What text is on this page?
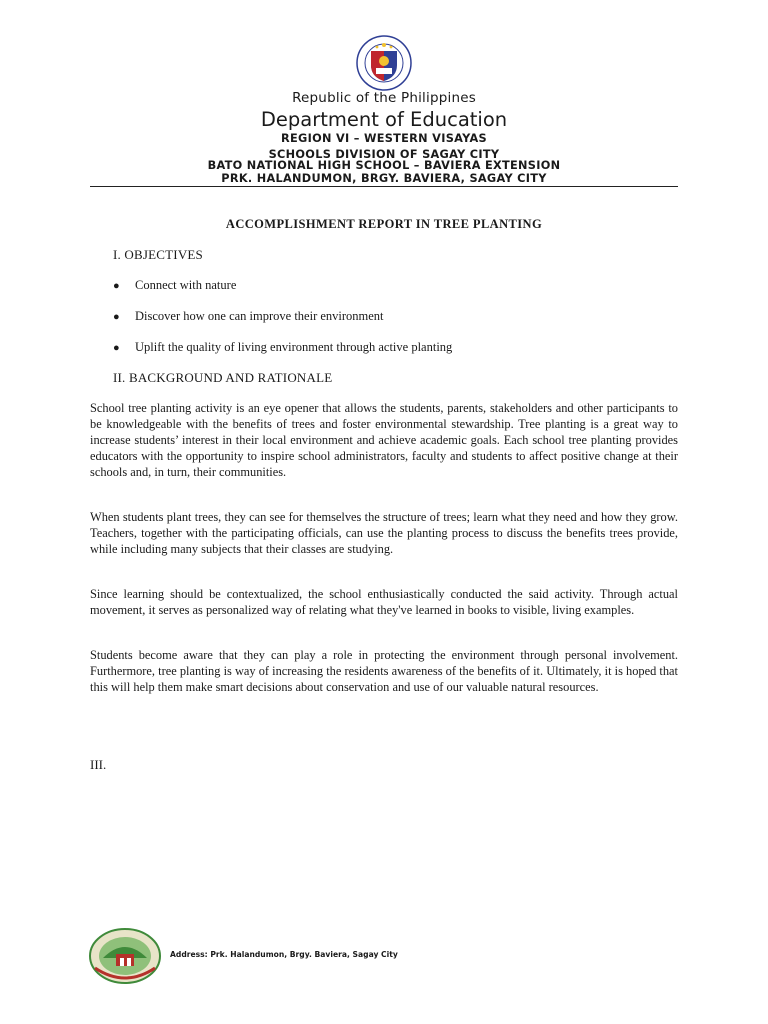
Republic of the Philippines
Department of Education
REGION VI – WESTERN VISAYAS
SCHOOLS DIVISION OF SAGAY CITY
BATO NATIONAL HIGH SCHOOL – BAVIERA EXTENSION
PRK. HALANDUMON, BRGY. BAVIERA, SAGAY CITY
ACCOMPLISHMENT REPORT IN TREE PLANTING
I. OBJECTIVES
●	Connect with nature
●	Discover how one can improve their environment
●	Uplift the quality of living environment through active planting
II. BACKGROUND AND RATIONALE

School tree planting activity is an eye opener that allows the students, parents, stakeholders and other participants to be knowledgeable with the benefits of trees and foster environmental stewardship. Tree planting is a great way to increase students’ interest in their local environment and achieve academic goals. Each school tree planting provides educators with the opportunity to inspire school administrators, faculty and students to affect positive change at their schools and, in turn, their communities.

When students plant trees, they can see for themselves the structure of trees; learn what they need and how they grow. Teachers, together with the participating officials, can use the planting process to discuss the benefits trees provide, while including many subjects that their classes are studying.

Since learning should be contextualized, the school enthusiastically conducted the said activity. Through actual movement, it serves as personalized way of relating what they've learned in books to visible, living examples.

Students become aware that they can play a role in protecting the environment through personal involvement. Furthermore, tree planting is way of increasing the residents awareness of the benefits of it. Ultimately, it is hoped that this will help them make smart decisions about conservation and use of our valuable natural resources.

III.
Address: Prk. Halandumon, Brgy. Baviera, Sagay City
